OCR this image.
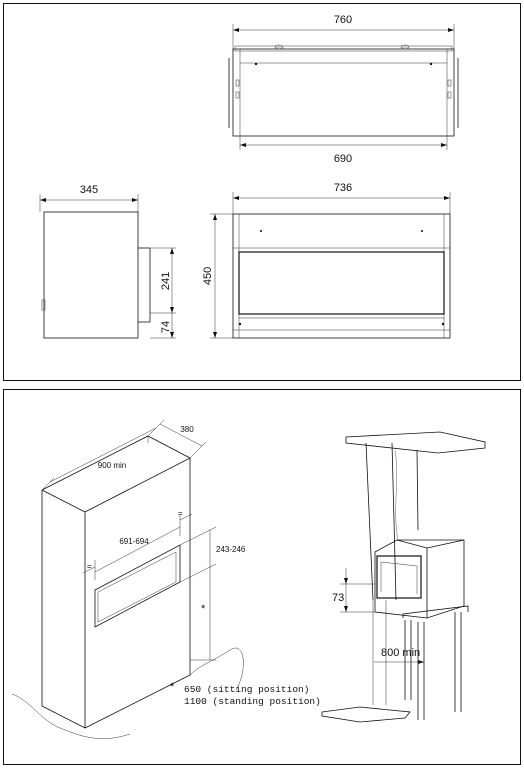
760
690
345
241
74
736
450
380
900 min
691-694
243-246
=
=
*
* 650 (sitting position)
1100 (standing position)
73
800 min
